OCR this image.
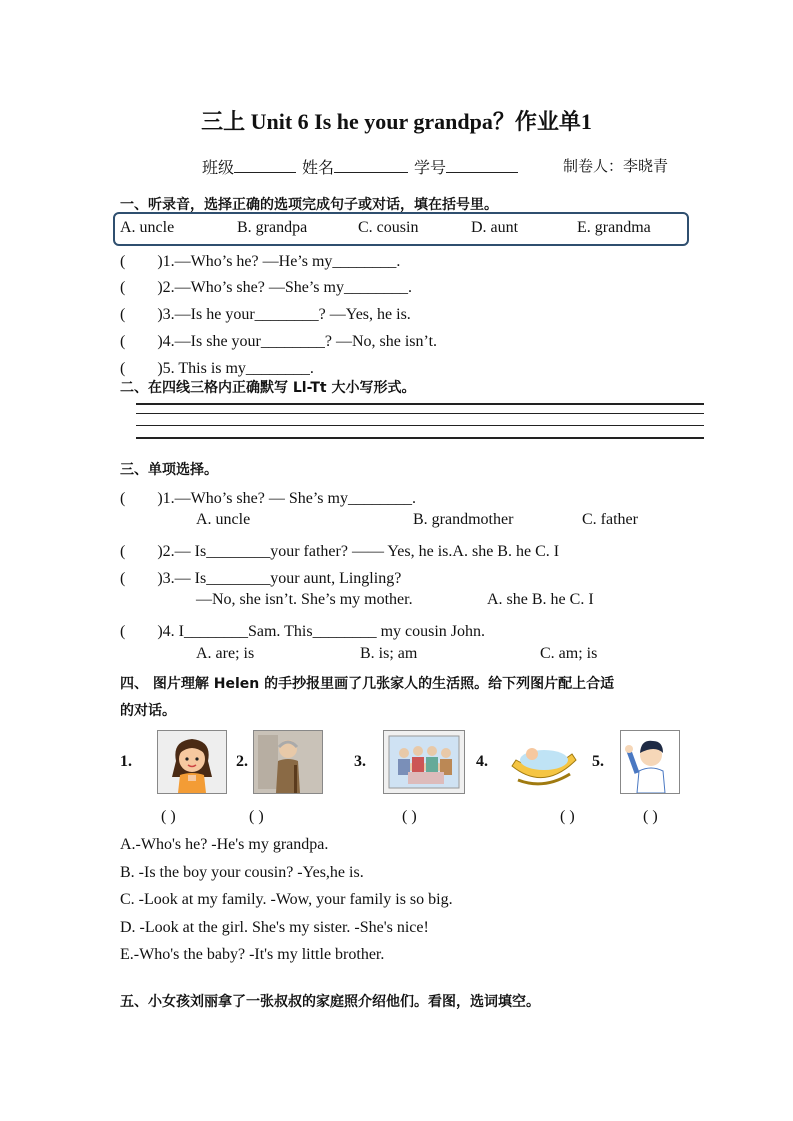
三上 Unit 6 Is he your grandpa？作业单1
班级	姓名	学号	制卷人：李晓青
一、听录音，选择正确的选项完成句子或对话，填在括号里。
A. uncle	B. grandpa	C. cousin	D. aunt	E. grandma
(　　)1.—Who’s he? —He’s my________.
(　　)2.—Who’s she? —She’s my________.
(　　)3.—Is he your________? —Yes, he is.
(　　)4.—Is she your________? —No, she isn’t.
(　　)5. This is my________.
二、在四线三格内正确默写 Ll-Tt 大小写形式。
三、单项选择。
(　　)1.—Who’s she? — She’s my________.
A. uncle	B. grandmother	C. father
(　　)2.— Is________your father? —— Yes, he is.A. she B. he C. I
(　　)3.— Is________your aunt, Lingling?
—No, she isn’t. She’s my mother.	A. she B. he C. I
(　　)4. I________Sam. This________ my cousin John.
A. are; is	B. is; am	C. am; is
四、 图片理解 Helen 的手抄报里画了几张家人的生活照。给下列图片配上合适
的对话。
1.	2.	3.	4.	5.
( )	( )	( )	( )	( )
A.-Who's he? -He's my grandpa.
B. -Is the boy your cousin? -Yes,he is.
C. -Look at my family. -Wow, your family is so big.
D. -Look at the girl. She's my sister. -She's nice!
E.-Who's the baby? -It's my little brother.
五、小女孩刘丽拿了一张叔叔的家庭照介绍他们。看图，选词填空。
